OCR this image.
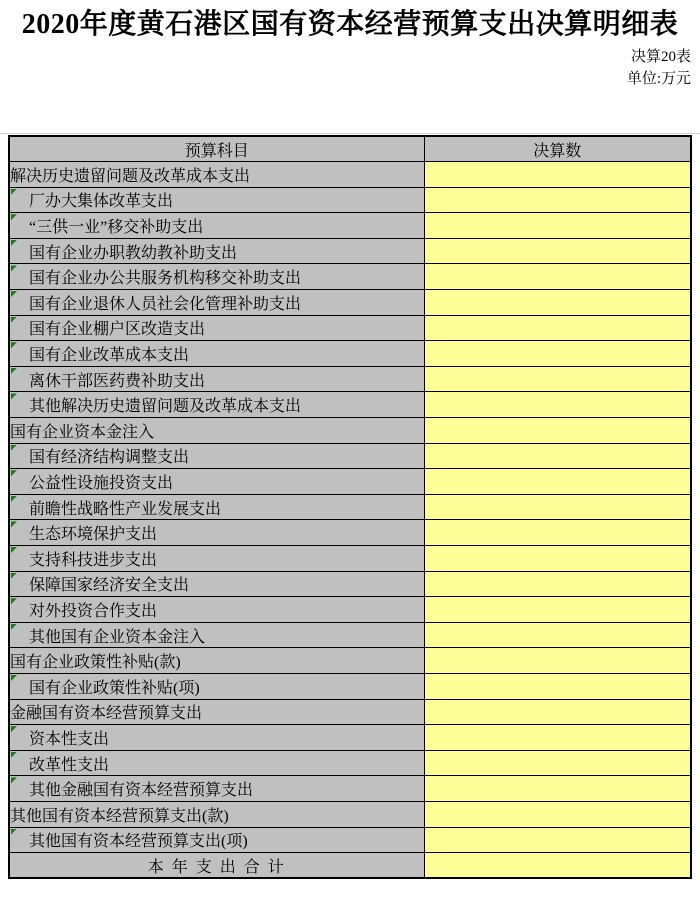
2020年度黄石港区国有资本经营预算支出决算明细表
决算20表
单位:万元
预算科目	决算数
解决历史遗留问题及改革成本支出	

厂办大集体改革支出	

“三供一业”移交补助支出	

国有企业办职教幼教补助支出	

国有企业办公共服务机构移交补助支出	

国有企业退休人员社会化管理补助支出	

国有企业棚户区改造支出	

国有企业改革成本支出	

离休干部医药费补助支出	

其他解决历史遗留问题及改革成本支出	
国有企业资本金注入	

国有经济结构调整支出	

公益性设施投资支出	

前瞻性战略性产业发展支出	

生态环境保护支出	

支持科技进步支出	

保障国家经济安全支出	

对外投资合作支出	

其他国有企业资本金注入	
国有企业政策性补贴(款)	

国有企业政策性补贴(项)	
金融国有资本经营预算支出	

资本性支出	

改革性支出	

其他金融国有资本经营预算支出	
其他国有资本经营预算支出(款)	

其他国有资本经营预算支出(项)	
本 年 支 出 合 计	
